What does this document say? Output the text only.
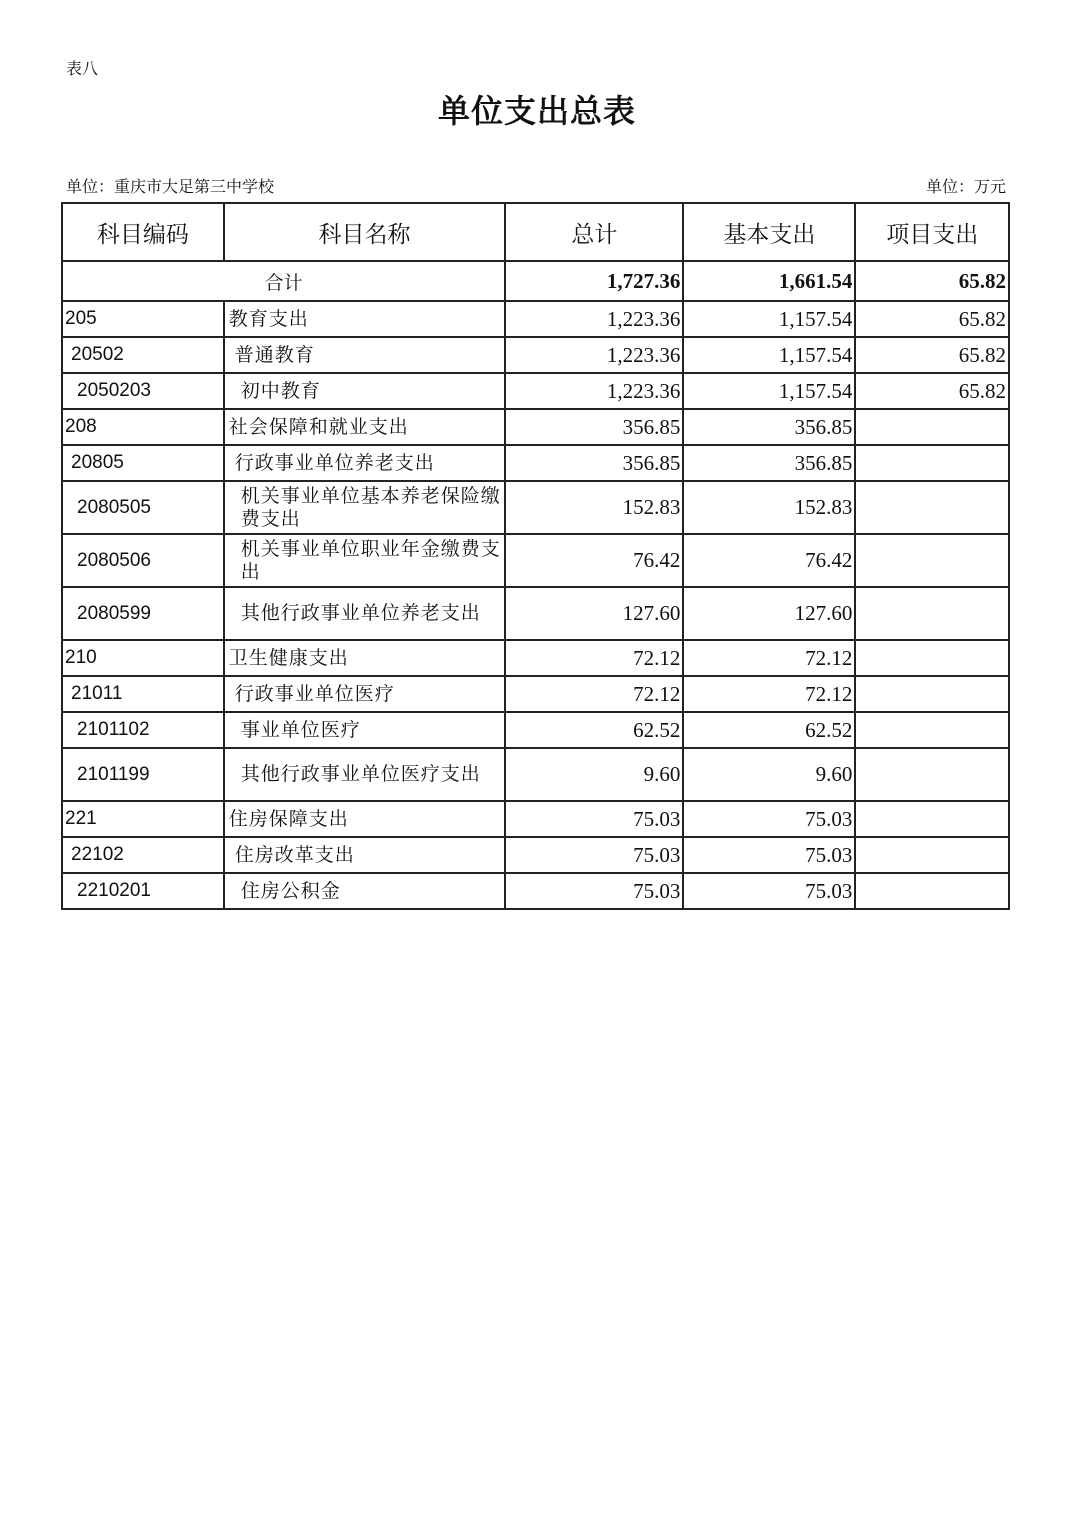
表八
单位支出总表
单位：重庆市大足第三中学校	单位：万元
科目编码	科目名称	总计	基本支出	项目支出
合计		1,727.36	1,661.54	65.82
205	教育支出	1,223.36	1,157.54	65.82
20502	普通教育	1,223.36	1,157.54	65.82
2050203	初中教育	1,223.36	1,157.54	65.82
208	社会保障和就业支出	356.85	356.85	
20805	行政事业单位养老支出	356.85	356.85	
2080505	机关事业单位基本养老保险缴费支出	152.83	152.83	
2080506	机关事业单位职业年金缴费支出	76.42	76.42	
2080599	其他行政事业单位养老支出	127.60	127.60	
210	卫生健康支出	72.12	72.12	
21011	行政事业单位医疗	72.12	72.12	
2101102	事业单位医疗	62.52	62.52	
2101199	其他行政事业单位医疗支出	9.60	9.60	
221	住房保障支出	75.03	75.03	
22102	住房改革支出	75.03	75.03	
2210201	住房公积金	75.03	75.03	
